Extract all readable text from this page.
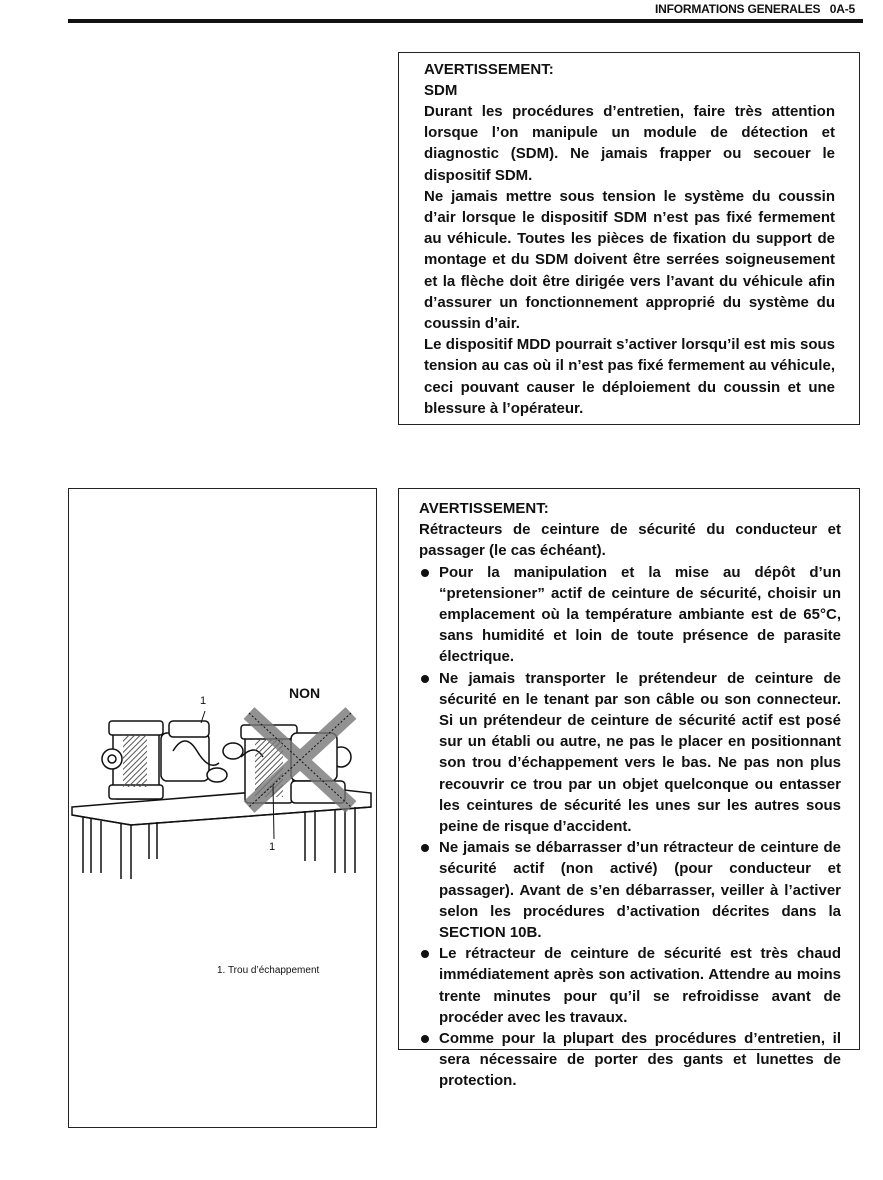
INFORMATIONS GENERALES 0A-5
AVERTISSEMENT:
SDM

Durant les procédures d’entretien, faire très attention lorsque l’on manipule un module de détection et diagnostic (SDM). Ne jamais frapper ou secouer le dispositif SDM.

Ne jamais mettre sous tension le système du coussin d’air lorsque le dispositif SDM n’est pas fixé fermement au véhicule. Toutes les pièces de fixation du support de montage et du SDM doivent être serrées soigneusement et la flèche doit être dirigée vers l’avant du véhicule afin d’assurer un fonctionnement approprié du système du coussin d’air.

Le dispositif MDD pourrait s’activer lorsqu’il est mis sous tension au cas où il n’est pas fixé fermement au véhicule, ceci pouvant causer le déploiement du coussin et une blessure à l’opérateur.

NON
1
1
1. Trou d’échappement
AVERTISSEMENT:

Rétracteurs de ceinture de sécurité du conducteur et passager (le cas échéant).

Pour la manipulation et la mise au dépôt d’un “pretensioner” actif de ceinture de sécurité, choisir un emplacement où la température ambiante est de 65°C, sans humidité et loin de toute présence de parasite électrique.
Ne jamais transporter le prétendeur de ceinture de sécurité en le tenant par son câble ou son connecteur. Si un prétendeur de ceinture de sécurité actif est posé sur un établi ou autre, ne pas le placer en positionnant son trou d’échappement vers le bas. Ne pas non plus recouvrir ce trou par un objet quelconque ou entasser les ceintures de sécurité les unes sur les autres sous peine de risque d’accident.
Ne jamais se débarrasser d’un rétracteur de ceinture de sécurité actif (non activé) (pour conducteur et passager). Avant de s’en débarrasser, veiller à l’activer selon les procédures d’activation décrites dans la SECTION 10B.
Le rétracteur de ceinture de sécurité est très chaud immédiatement après son activation. Attendre au moins trente minutes pour qu’il se refroidisse avant de procéder avec les travaux.
Comme pour la plupart des procédures d’entretien, il sera nécessaire de porter des gants et lunettes de protection.
